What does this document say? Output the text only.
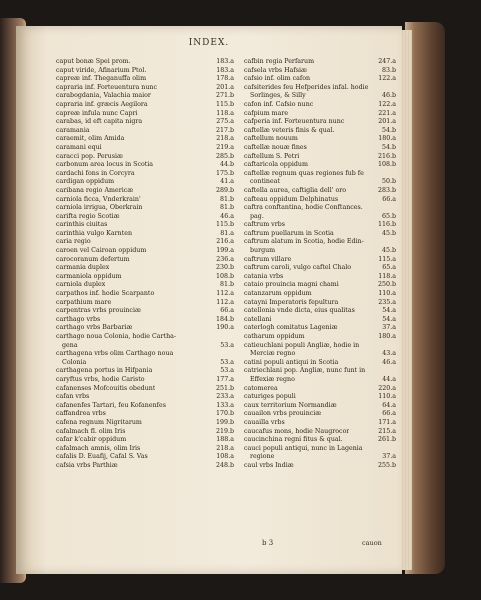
INDEX.
caput bonæ Spei prom.	183.a
caput viride, Afinarium Ptol.	183.a
capreæ inf. Theganuffa olim	178.a
capraria inf. Forteuentura nunc	201.a
carabogdania, Valachia maior	271.b
capraria inf. græcis Aegilora	115.b
capreæ infula nunc Capri	118.a
carabas, id eft capita nigra	275.a
caramania	217.b
caraemit, olim Amida	218.a
caramani equi	219.a
caracci pop. Perusiæ	285.b
carbonum area locus in Scotia	44.b
cardachi fons in Corcyra	175.b
cardigan oppidum	41.a
caribana regio Americæ	289.b
carniola ficca, Vnderkrain'	81.b
carniola irrigua, Oberkrain	81.b
carifta regio Scotiæ	46.a
carinthis ciuitas	115.b
carinthia vulgo Karnten	81.a
caria regio	216.a
caroen vel Cairoan oppidum	199.a
carocoranum defertum	236.a
carmania duplex	230.b
carmaniola oppidum	108.b
carniola duplex	81.b
carpathos inf. hodie Scarpanto	112.a
carpathium mare	112.a
carpentras vrbs prouinciæ	66.a
carthago vrbs	184.b
carthago vrbs Barbariæ	190.a
carthago noua Colonia, hodie Cartha-
gena	53.a
carthagena vrbs olim Carthago noua
Colonia	53.a
carthagena portus in Hifpania	53.a
caryftus vrbs, hodie Caristo	177.a
cafanenses Mofcouitis obedunt	251.b
cafan vrbs	233.a
cafanenfes Tartari, feu Kofanenfes	133.a
caffandrea vrbs	170.b
cafena regnum Nigritarum	199.b
cafalmach fl. olim Iris	219.b
cafar k'cabir oppidum	188.a
cafalmach amnis, olim Iris	218.a
cafalis D. Euafij, Cafal S. Vas	108.a
cafsia vrbs Parthiæ	248.b
cafbin regia Perfarum	247.a
cafsela vrbs Hafsiæ	83.b
cafsio inf. olim cafon	122.a
cafsiterides feu Hefperides infal. hodie
Sorlinges, & Silly	46.b
cafon inf. Cafsio nunc	122.a
cafpium mare	221.a
cafperia inf. Forteuentura nunc	201.a
caftellæ veteris finis & qual.	54.b
caftellum nouum	180.a
caftellæ nouæ fines	54.b
caftellum S. Petri	216.b
caftaricola oppidum	108.b
caftellæ regnum quas regiones fub fe
contineat	50.b
caftella aurea, caftiglia dell' oro	283.b
cafteau oppidum Delphinatus	66.a
caftra conftantina, hodie Conftances.
pag.	65.b
caftrum vrbs	116.b
caftrum puellarum in Scotia	45.b
caftrum alatum in Scotia, hodie Edin-
burgum	45.b
caftrum villare	115.a
caftrum caroli, vulgo caftel Chalo	65.a
catania vrbs	118.a
cataio prouincia magni chami	250.b
catanzarum oppidum	110.a
catayni Imperatoris fepultura	235.a
catellonia vnde dicta, eius qualitas	54.a
catellani	54.a
caterlogh comitatus Lageniæ	37.a
catharum oppidum	180.a
catieuchlani populi Angliæ, hodie in
Merciæ regno	43.a
catini populi antiqui in Scotia	46.a
catriechlani pop. Angliæ, nunc funt in
Effexiæ regno	44.a
catomerea	220.a
caturiges populi	110.a
caux territorium Normandiæ	64.a
cauailon vrbs prouinciæ	66.a
cauailla vrbs	171.a
caucafus mons, hodie Naugrocor	215.a
caucinchina regni fitus & qual.	261.b
cauci populi antiqui, nunc in Lagenia
regione	37.a
caul vrbs Indiæ	255.b
b 3	cauon
